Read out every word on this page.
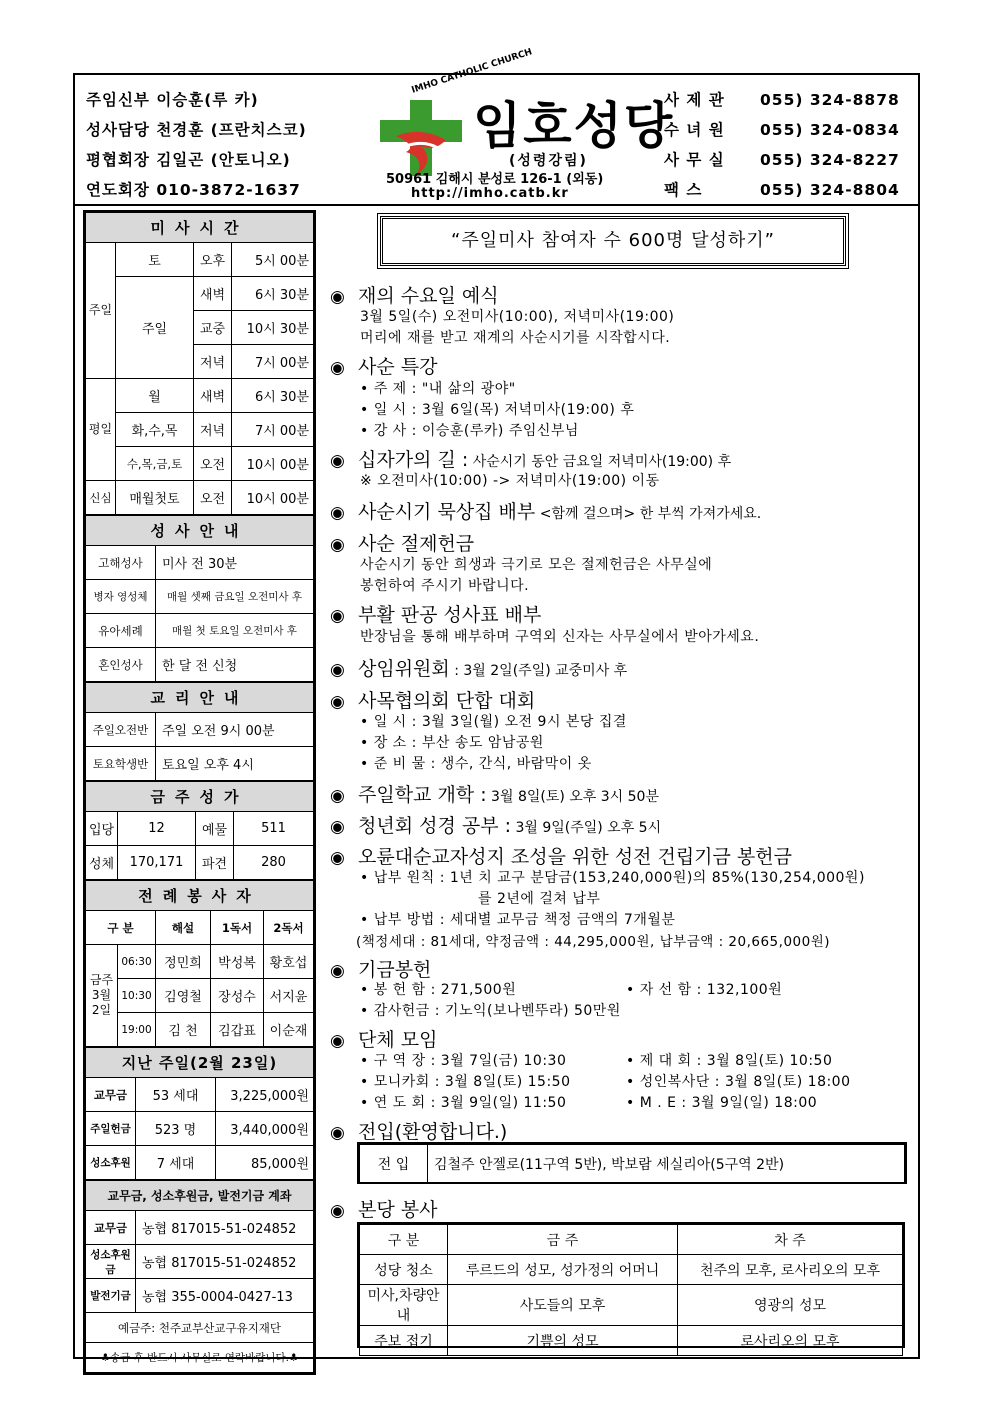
주임신부 이승훈(루 카)
성사담당 천경훈 (프란치스코)
평협회장 김일곤 (안토니오)
연도회장 010-3872-1637
IMHO CATHOLIC CHURCH
임호성당
(성령강림)
50961 김해시 분성로 126-1 (외동)
http://imho.catb.kr
사 제 관 055) 324-8878
수 녀 원 055) 324-0834
사 무 실 055) 324-8227
팩 스	055) 324-8804
미사시간			
주일	토	오후	5시 00분
	주일	새벽	6시 30분
		교중	10시 30분
		저녁	7시 00분
평일	월	새벽	6시 30분
	화,수,목	저녁	7시 00분
	수,목,금,토	오전	10시 00분
신심	매월첫토	오전	10시 00분
성사안내	
고해성사	미사 전 30분
병자 영성체	매월 셋째 금요일 오전미사 후
유아세례	매월 첫 토요일 오전미사 후
혼인성사	한 달 전 신청
교리안내	
주일오전반	주일 오전 9시 00분
토요학생반	토요일 오후 4시
금주성가			
입당	12	예물	511
성체	170,171	파견	280
전례봉사자				
구 분		해설	1독서	2독서
금주 3월 2일	06:30	정민희	박성복	황호섭
	10:30	김영철	장성수	서지윤
	19:00	김 천	김갑표	이순재
지난 주일(2월 23일)		
교무금	53 세대	3,225,000원
주일헌금	523 명	3,440,000원
성소후원	7 세대	85,000원
교무금, 성소후원금, 발전기금 계좌	
교무금	농협 817015-51-024852
성소후원금	농협 817015-51-024852
발전기금	농협 355-0004-0427-13
예금주: 천주교부산교구유지재단	
♣송금 후 반드시 사무실로 연락바랍니다.♣	
“주일미사 참여자 수 600명 달성하기”
◉ 재의 수요일 예식
3월 5일(수) 오전미사(10:00), 저녁미사(19:00)
머리에 재를 받고 재계의 사순시기를 시작합시다.
◉ 사순 특강
• 주 제 : "내 삶의 광야"
• 일 시 : 3월 6일(목) 저녁미사(19:00) 후
• 강 사 : 이승훈(루카) 주임신부님
◉ 십자가의 길 : 사순시기 동안 금요일 저녁미사(19:00) 후
※ 오전미사(10:00) -> 저녁미사(19:00) 이동
◉ 사순시기 묵상집 배부 <함께 걸으며> 한 부씩 가져가세요.
◉ 사순 절제헌금
사순시기 동안 희생과 극기로 모은 절제헌금은 사무실에
봉헌하여 주시기 바랍니다.
◉ 부활 판공 성사표 배부
반장님을 통해 배부하며 구역외 신자는 사무실에서 받아가세요.
◉ 상임위원회 : 3월 2일(주일) 교중미사 후
◉ 사목협의회 단합 대회
• 일 시 : 3월 3일(월) 오전 9시 본당 집결
• 장 소 : 부산 송도 암남공원
• 준 비 물 : 생수, 간식, 바람막이 옷
◉ 주일학교 개학 : 3월 8일(토) 오후 3시 50분
◉ 청년회 성경 공부 : 3월 9일(주일) 오후 5시
◉ 오륜대순교자성지 조성을 위한 성전 건립기금 봉헌금
• 납부 원칙 : 1년 치 교구 분담금(153,240,000원)의 85%(130,254,000원)
를 2년에 걸쳐 납부
• 납부 방법 : 세대별 교무금 책정 금액의 7개월분
(책정세대 : 81세대, 약정금액 : 44,295,000원, 납부금액 : 20,665,000원)
◉ 기금봉헌
• 봉 헌 함 : 271,500원	• 자 선 함 : 132,100원
• 감사헌금 : 기노익(보나벤뚜라) 50만원
◉ 단체 모임
• 구 역 장 : 3월 7일(금) 10:30	• 제 대 회 : 3월 8일(토) 10:50
• 모니카회 : 3월 8일(토) 15:50	• 성인복사단 : 3월 8일(토) 18:00
• 연 도 회 : 3월 9일(일) 11:50	• M . E : 3월 9일(일) 18:00
◉ 전입(환영합니다.)
전 입	김철주 안젤로(11구역 5반), 박보람 세실리아(5구역 2반)
◉ 본당 봉사
구 분	금 주	차 주
성당 청소	루르드의 성모, 성가정의 어머니	천주의 모후, 로사리오의 모후
미사,차량안내	사도들의 모후	영광의 성모
주보 접기	기쁨의 성모	로사리오의 모후
